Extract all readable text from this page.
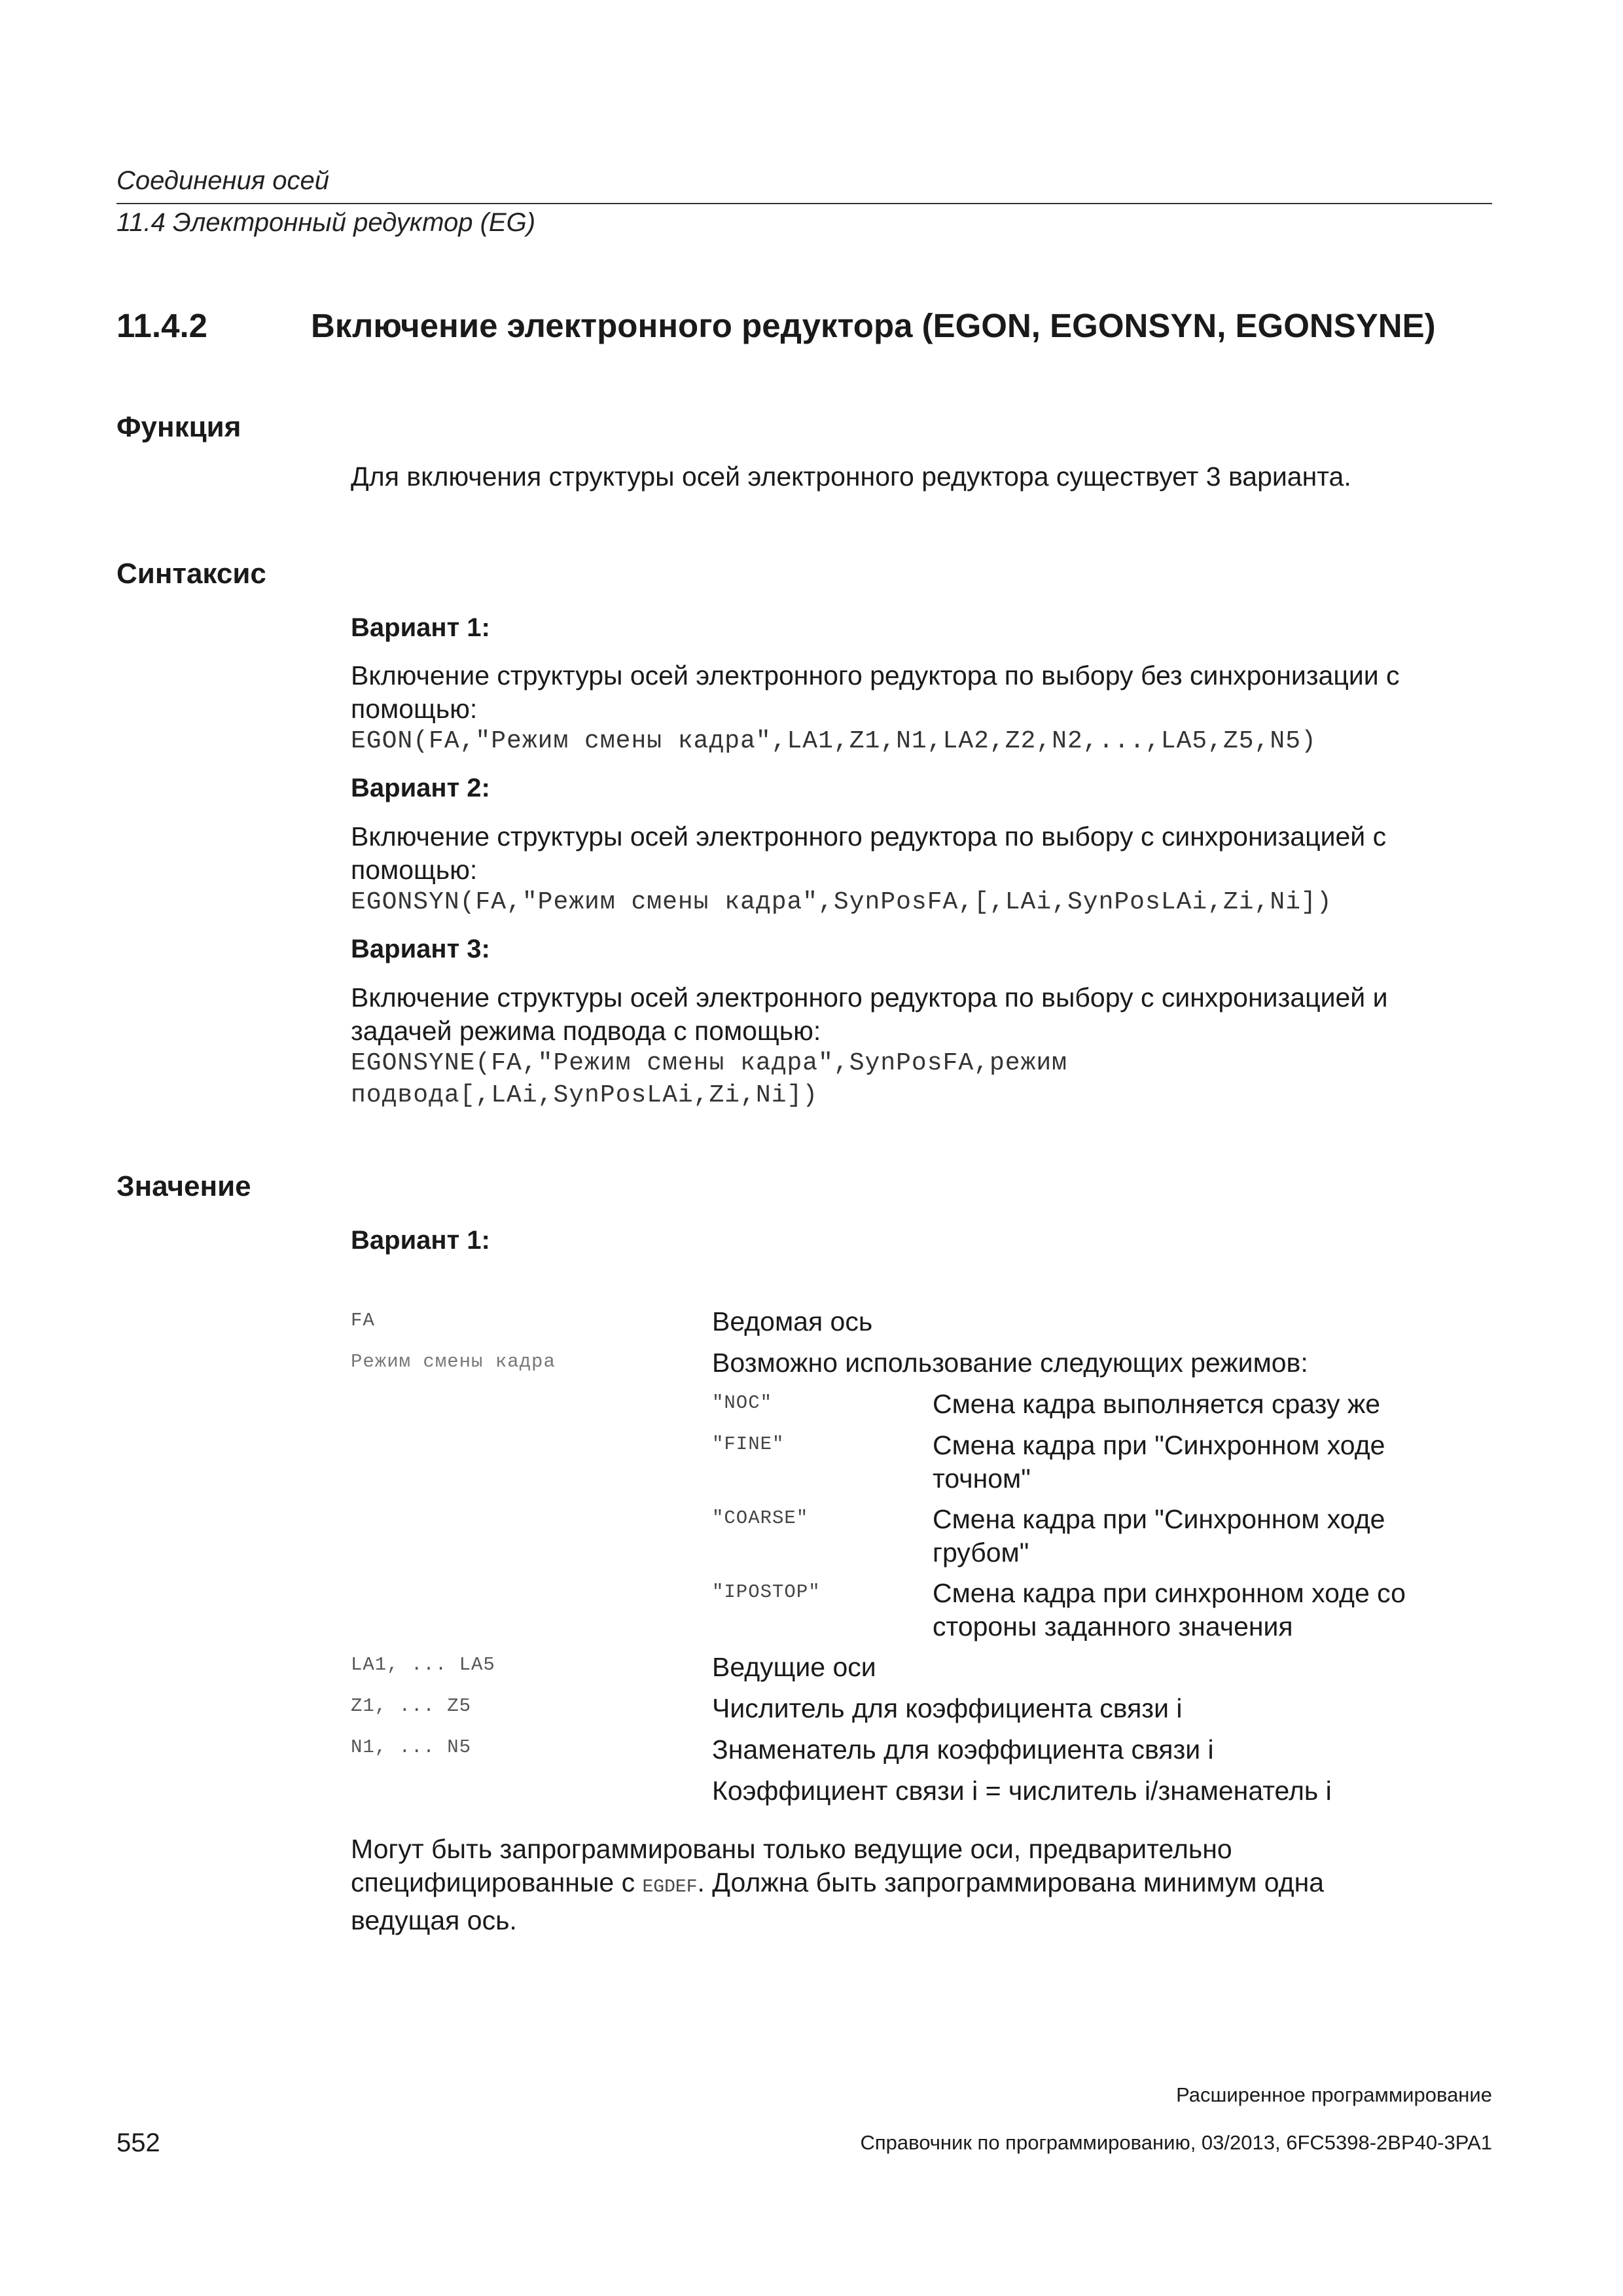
Соединения осей
11.4 Электронный редуктор (EG)
11.4.2	Включение электронного редуктора (EGON, EGONSYN, EGONSYNE)
Функция
Для включения структуры осей электронного редуктора существует 3 варианта.
Синтаксис
Вариант 1:
Включение структуры осей электронного редуктора по выбору без синхронизации с
помощью:
EGON(FA,"Режим смены кадра",LA1,Z1,N1,LA2,Z2,N2,...,LA5,Z5,N5)
Вариант 2:
Включение структуры осей электронного редуктора по выбору с синхронизацией с
помощью:
EGONSYN(FA,"Режим смены кадра",SynPosFA,[,LAi,SynPosLAi,Zi,Ni])
Вариант 3:
Включение структуры осей электронного редуктора по выбору с синхронизацией и
задачей режима подвода с помощью:
EGONSYNE(FA,"Режим смены кадра",SynPosFA,режим
подвода[,LAi,SynPosLAi,Zi,Ni])
Значение
Вариант 1:
FA	Ведомая ось
Режим смены кадра	Возможно использование следующих режимов:
"NOC"	Смена кадра выполняется сразу же
"FINE"	Смена кадра при "Синхронном ходе
точном"
"COARSE"	Смена кадра при "Синхронном ходе
грубом"
"IPOSTOP"	Смена кадра при синхронном ходе со
стороны заданного значения
LA1, ... LA5	Ведущие оси
Z1, ... Z5	Числитель для коэффициента связи i
N1, ... N5	Знаменатель для коэффициента связи i
Коэффициент связи i = числитель i/знаменатель i
Могут быть запрограммированы только ведущие оси, предварительно
специфицированные с EGDEF. Должна быть запрограммирована минимум одна
ведущая ось.
Расширенное программирование
Справочник по программированию, 03/2013, 6FC5398-2BP40-3PA1
552
